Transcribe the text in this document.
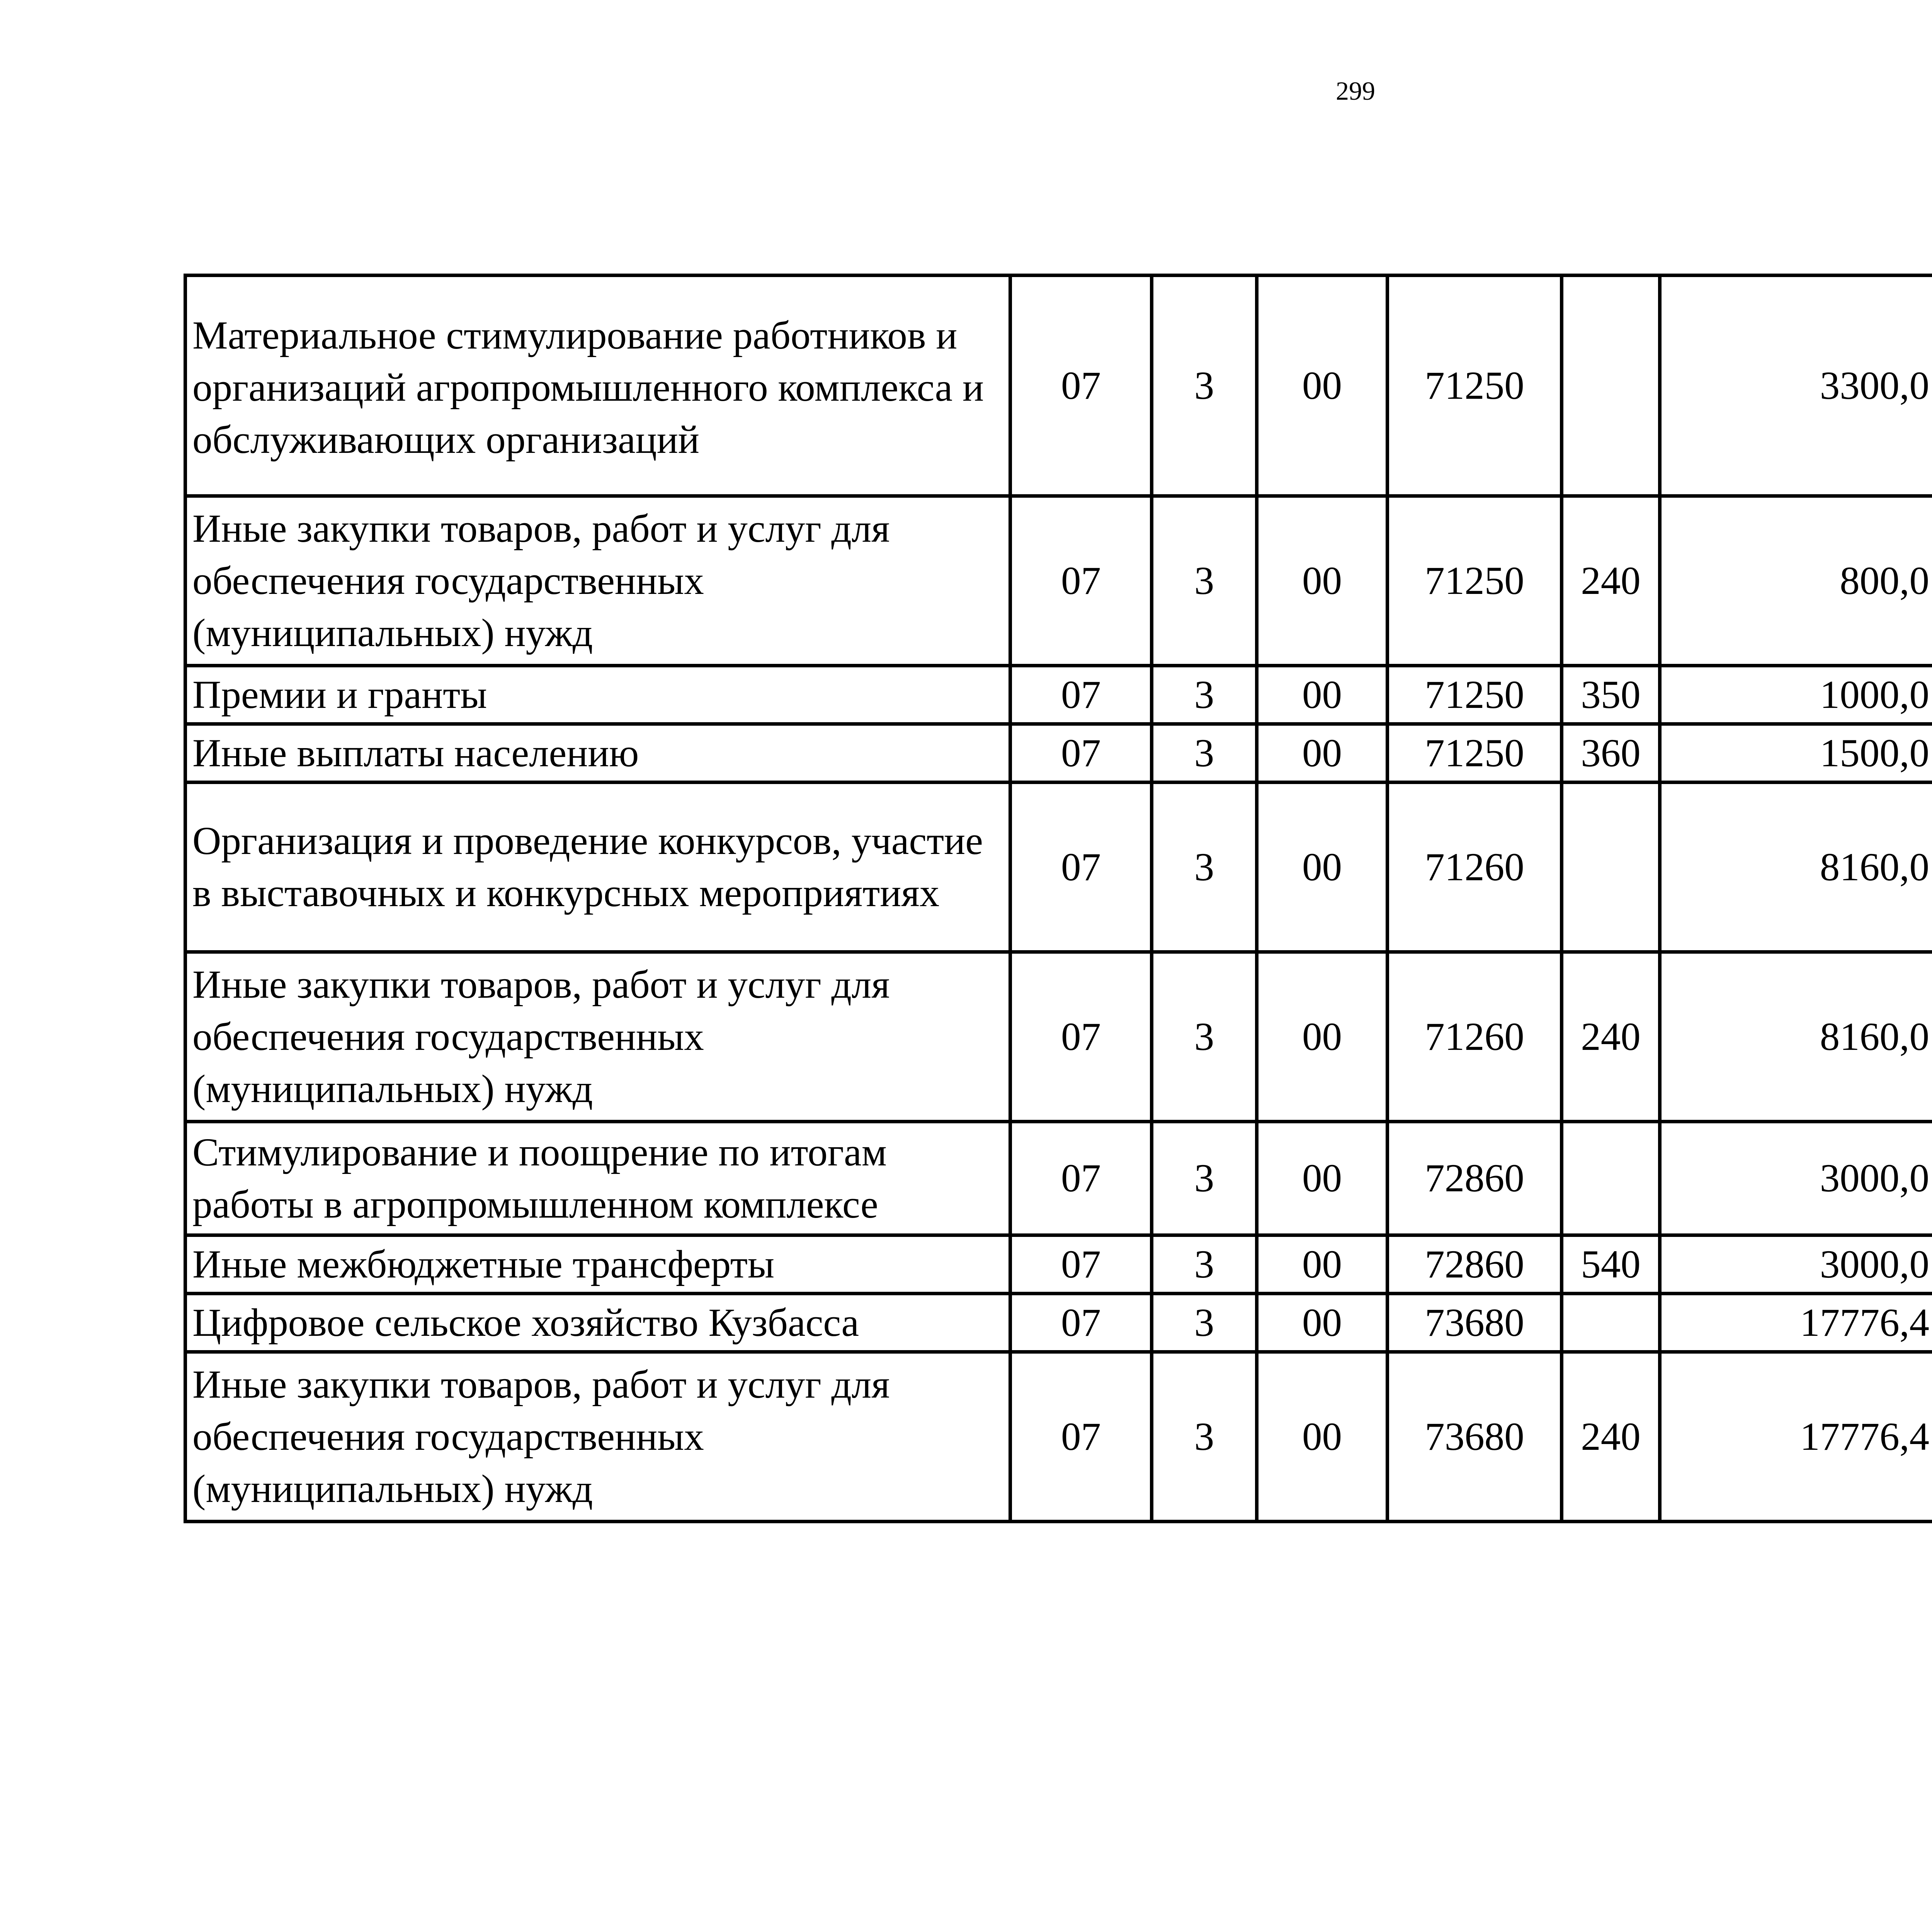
299
Материальное стимулирование работников и организаций агропромышленного комплекса и обслуживающих организаций	07	3	00	71250		3300,0		
Иные закупки товаров, работ и услуг для обеспечения государственных (муниципальных) нужд	07	3	00	71250	240	800,0		
Премии и гранты	07	3	00	71250	350	1000,0		
Иные выплаты населению	07	3	00	71250	360	1500,0		
Организация и проведение конкурсов, участие в выставочных и конкурсных мероприятиях	07	3	00	71260		8160,0		
Иные закупки товаров, работ и услуг для обеспечения государственных (муниципальных) нужд	07	3	00	71260	240	8160,0		
Стимулирование и поощрение по итогам работы в агропромышленном комплексе	07	3	00	72860		3000,0		
Иные межбюджетные трансферты	07	3	00	72860	540	3000,0		
Цифровое сельское хозяйство Кузбасса	07	3	00	73680		17776,4		
Иные закупки товаров, работ и услуг для обеспечения государственных (муниципальных) нужд	07	3	00	73680	240	17776,4		
